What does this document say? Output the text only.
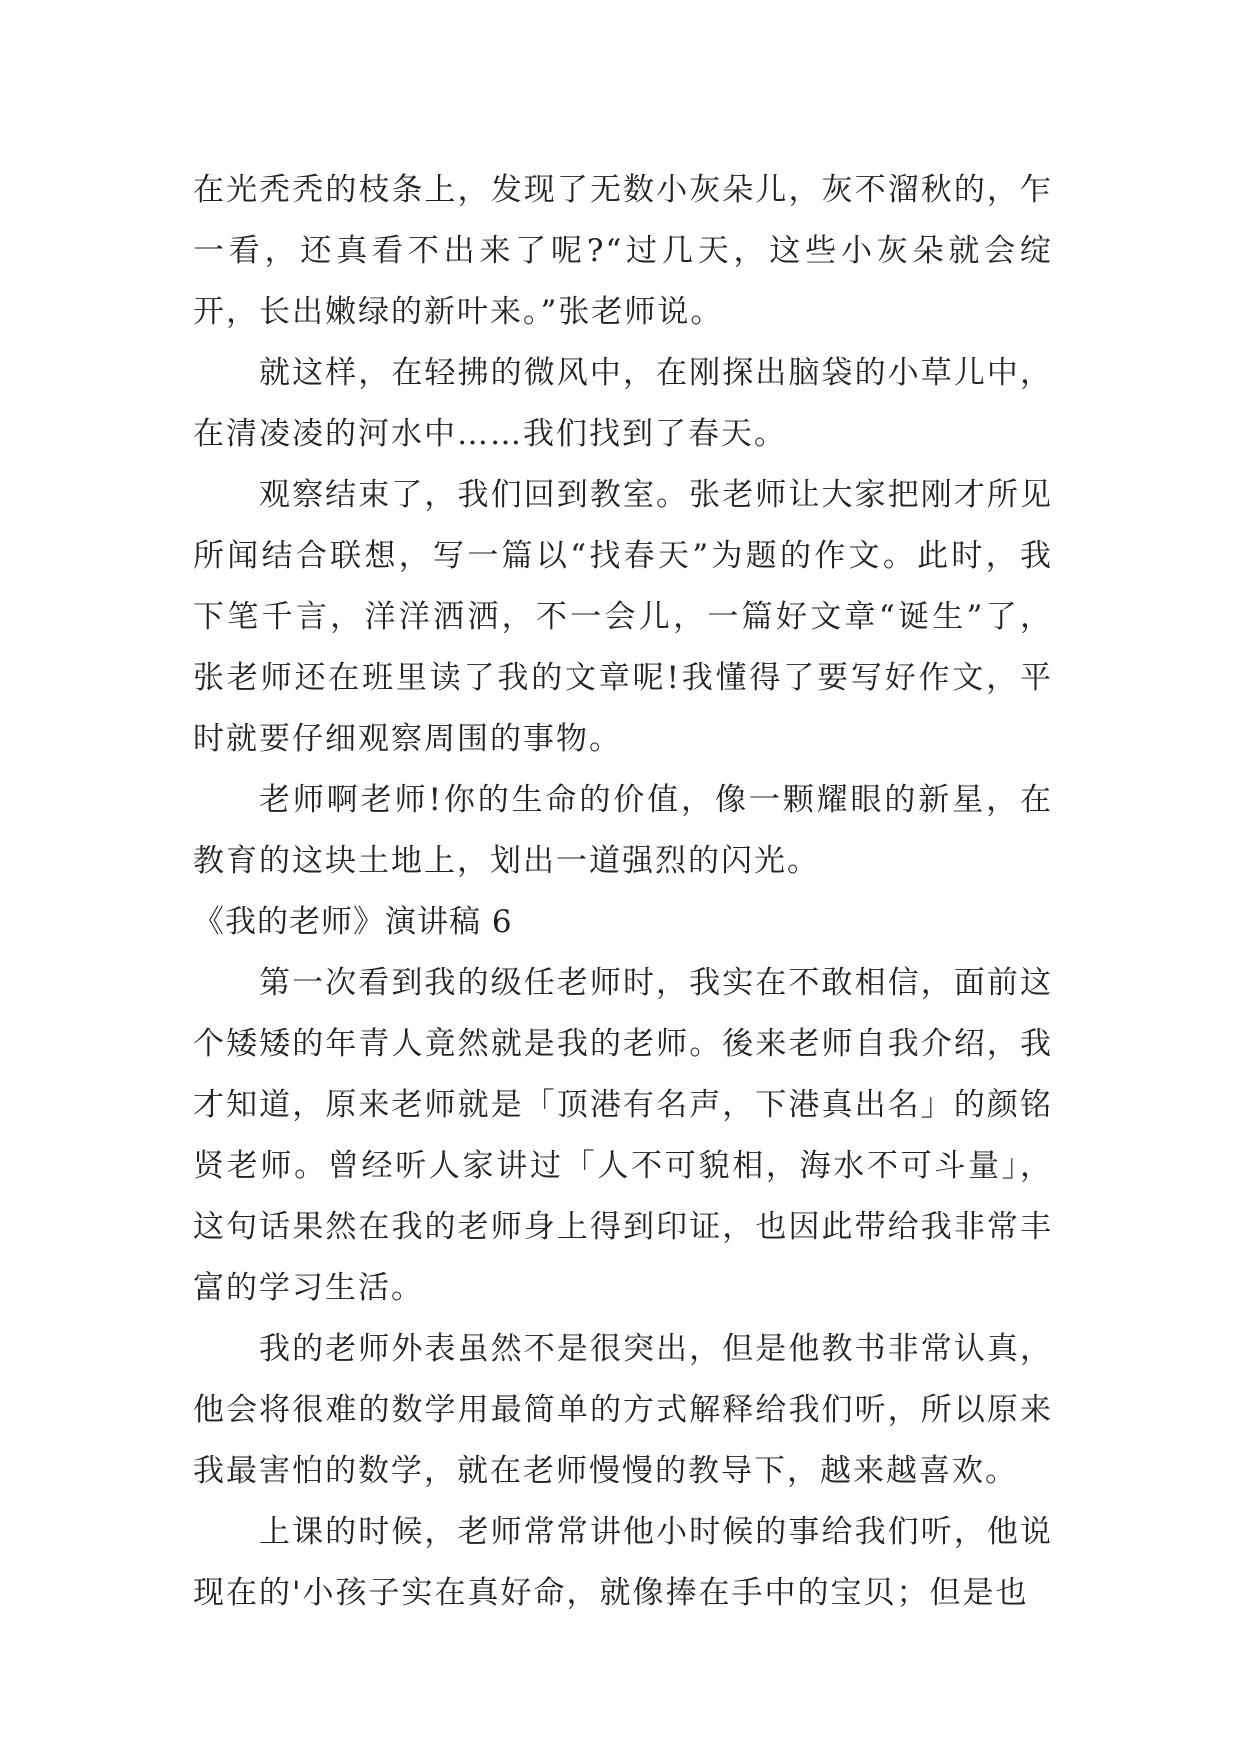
在光秃秃的枝条上，发现了无数小灰朵儿，灰不溜秋的，乍一看，还真看不出来了呢?“过几天，这些小灰朵就会绽开，长出嫩绿的新叶来。”张老师说。

就这样，在轻拂的微风中，在刚探出脑袋的小草儿中，在清凌凌的河水中……我们找到了春天。

观察结束了，我们回到教室。张老师让大家把刚才所见所闻结合联想，写一篇以“找春天”为题的作文。此时，我下笔千言，洋洋洒洒，不一会儿，一篇好文章“诞生”了，张老师还在班里读了我的文章呢!我懂得了要写好作文，平时就要仔细观察周围的事物。

老师啊老师!你的生命的价值，像一颗耀眼的新星，在教育的这块土地上，划出一道强烈的闪光。

《我的老师》演讲稿 6

第一次看到我的级任老师时，我实在不敢相信，面前这个矮矮的年青人竟然就是我的老师。後来老师自我介绍，我才知道，原来老师就是「顶港有名声，下港真出名」的颜铭贤老师。曾经听人家讲过「人不可貌相，海水不可斗量」，这句话果然在我的老师身上得到印证，也因此带给我非常丰富的学习生活。

我的老师外表虽然不是很突出，但是他教书非常认真，他会将很难的数学用最简单的方式解释给我们听，所以原来我最害怕的数学，就在老师慢慢的教导下，越来越喜欢。

上课的时候，老师常常讲他小时候的事给我们听，他说现在的'小孩子实在真好命，就像捧在手中的宝贝；但是也
